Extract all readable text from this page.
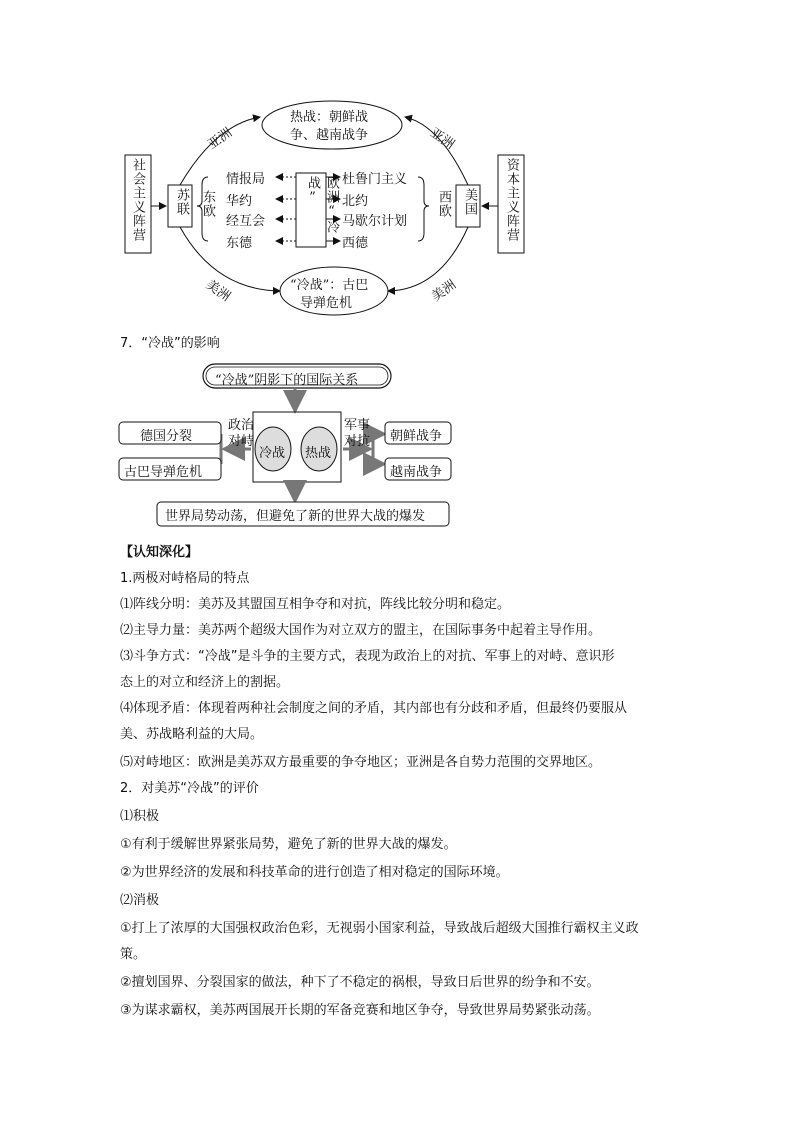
社会主义阵营	资本主义阵营
苏联	美国
东欧	西欧
情报局
华约
经互会
东德
杜鲁门主义
北约
马歇尔计划
西德
欧洲“冷战”
热战：朝鲜战
争、越南战争
“冷战”：古巴
导弹危机
亚洲	亚洲
美洲	美洲
7．“冷战”的影响
“冷战”阴影下的国际关系
德国分裂
古巴导弹危机
朝鲜战争
越南战争
冷战 热战
政治
对峙
军事
对抗
世界局势动荡，但避免了新的世界大战的爆发
【认知深化】
1.两极对峙格局的特点
⑴阵线分明：美苏及其盟国互相争夺和对抗，阵线比较分明和稳定。
⑵主导力量：美苏两个超级大国作为对立双方的盟主，在国际事务中起着主导作用。
⑶斗争方式：“冷战”是斗争的主要方式，表现为政治上的对抗、军事上的对峙、意识形
态上的对立和经济上的割据。
⑷体现矛盾：体现着两种社会制度之间的矛盾，其内部也有分歧和矛盾，但最终仍要服从
美、苏战略利益的大局。
⑸对峙地区：欧洲是美苏双方最重要的争夺地区；亚洲是各自势力范围的交界地区。
2．对美苏“冷战”的评价
⑴积极
①有利于缓解世界紧张局势，避免了新的世界大战的爆发。
②为世界经济的发展和科技革命的进行创造了相对稳定的国际环境。
⑵消极
①打上了浓厚的大国强权政治色彩，无视弱小国家利益，导致战后超级大国推行霸权主义政
策。
②擅划国界、分裂国家的做法，种下了不稳定的祸根，导致日后世界的纷争和不安。
③为谋求霸权，美苏两国展开长期的军备竞赛和地区争夺，导致世界局势紧张动荡。
